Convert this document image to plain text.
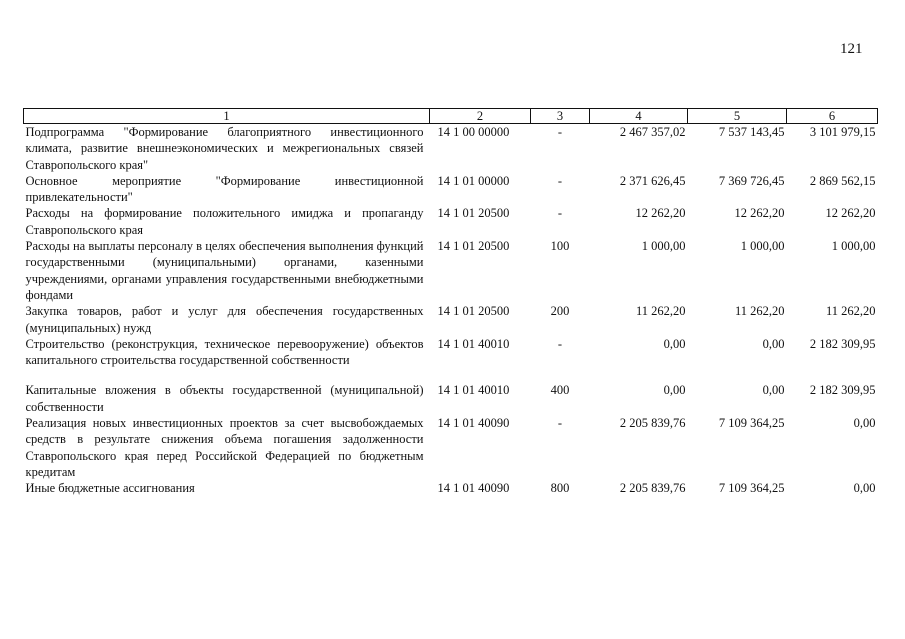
121
1	2	3	4	5	6
Подпрограмма "Формирование благоприятного инвестиционного климата, развитие внешнеэкономических и межрегиональных связей Ставропольского края"	14 1 00 00000	-	2 467 357,02	7 537 143,45	3 101 979,15
Основное мероприятие "Формирование инвестиционной привлекательности"	14 1 01 00000	-	2 371 626,45	7 369 726,45	2 869 562,15
Расходы на формирование положительного имиджа и пропаганду Ставропольского края	14 1 01 20500	-	12 262,20	12 262,20	12 262,20
Расходы на выплаты персоналу в целях обеспечения выполнения функций государственными (муниципальными) органами, казенными учреждениями, органами управления государственными внебюджетными фондами	14 1 01 20500	100	1 000,00	1 000,00	1 000,00
Закупка товаров, работ и услуг для обеспечения государственных (муниципальных) нужд	14 1 01 20500	200	11 262,20	11 262,20	11 262,20
Строительство (реконструкция, техническое перевооружение) объектов капитального строительства государственной собственности	14 1 01 40010	-	0,00	0,00	2 182 309,95
Капитальные вложения в объекты государственной (муниципальной) собственности	14 1 01 40010	400	0,00	0,00	2 182 309,95
Реализация новых инвестиционных проектов за счет высвобождаемых средств в результате снижения объема погашения задолженности Ставропольского края перед Российской Федерацией по бюджетным кредитам	14 1 01 40090	-	2 205 839,76	7 109 364,25	0,00
Иные бюджетные ассигнования	14 1 01 40090	800	2 205 839,76	7 109 364,25	0,00
